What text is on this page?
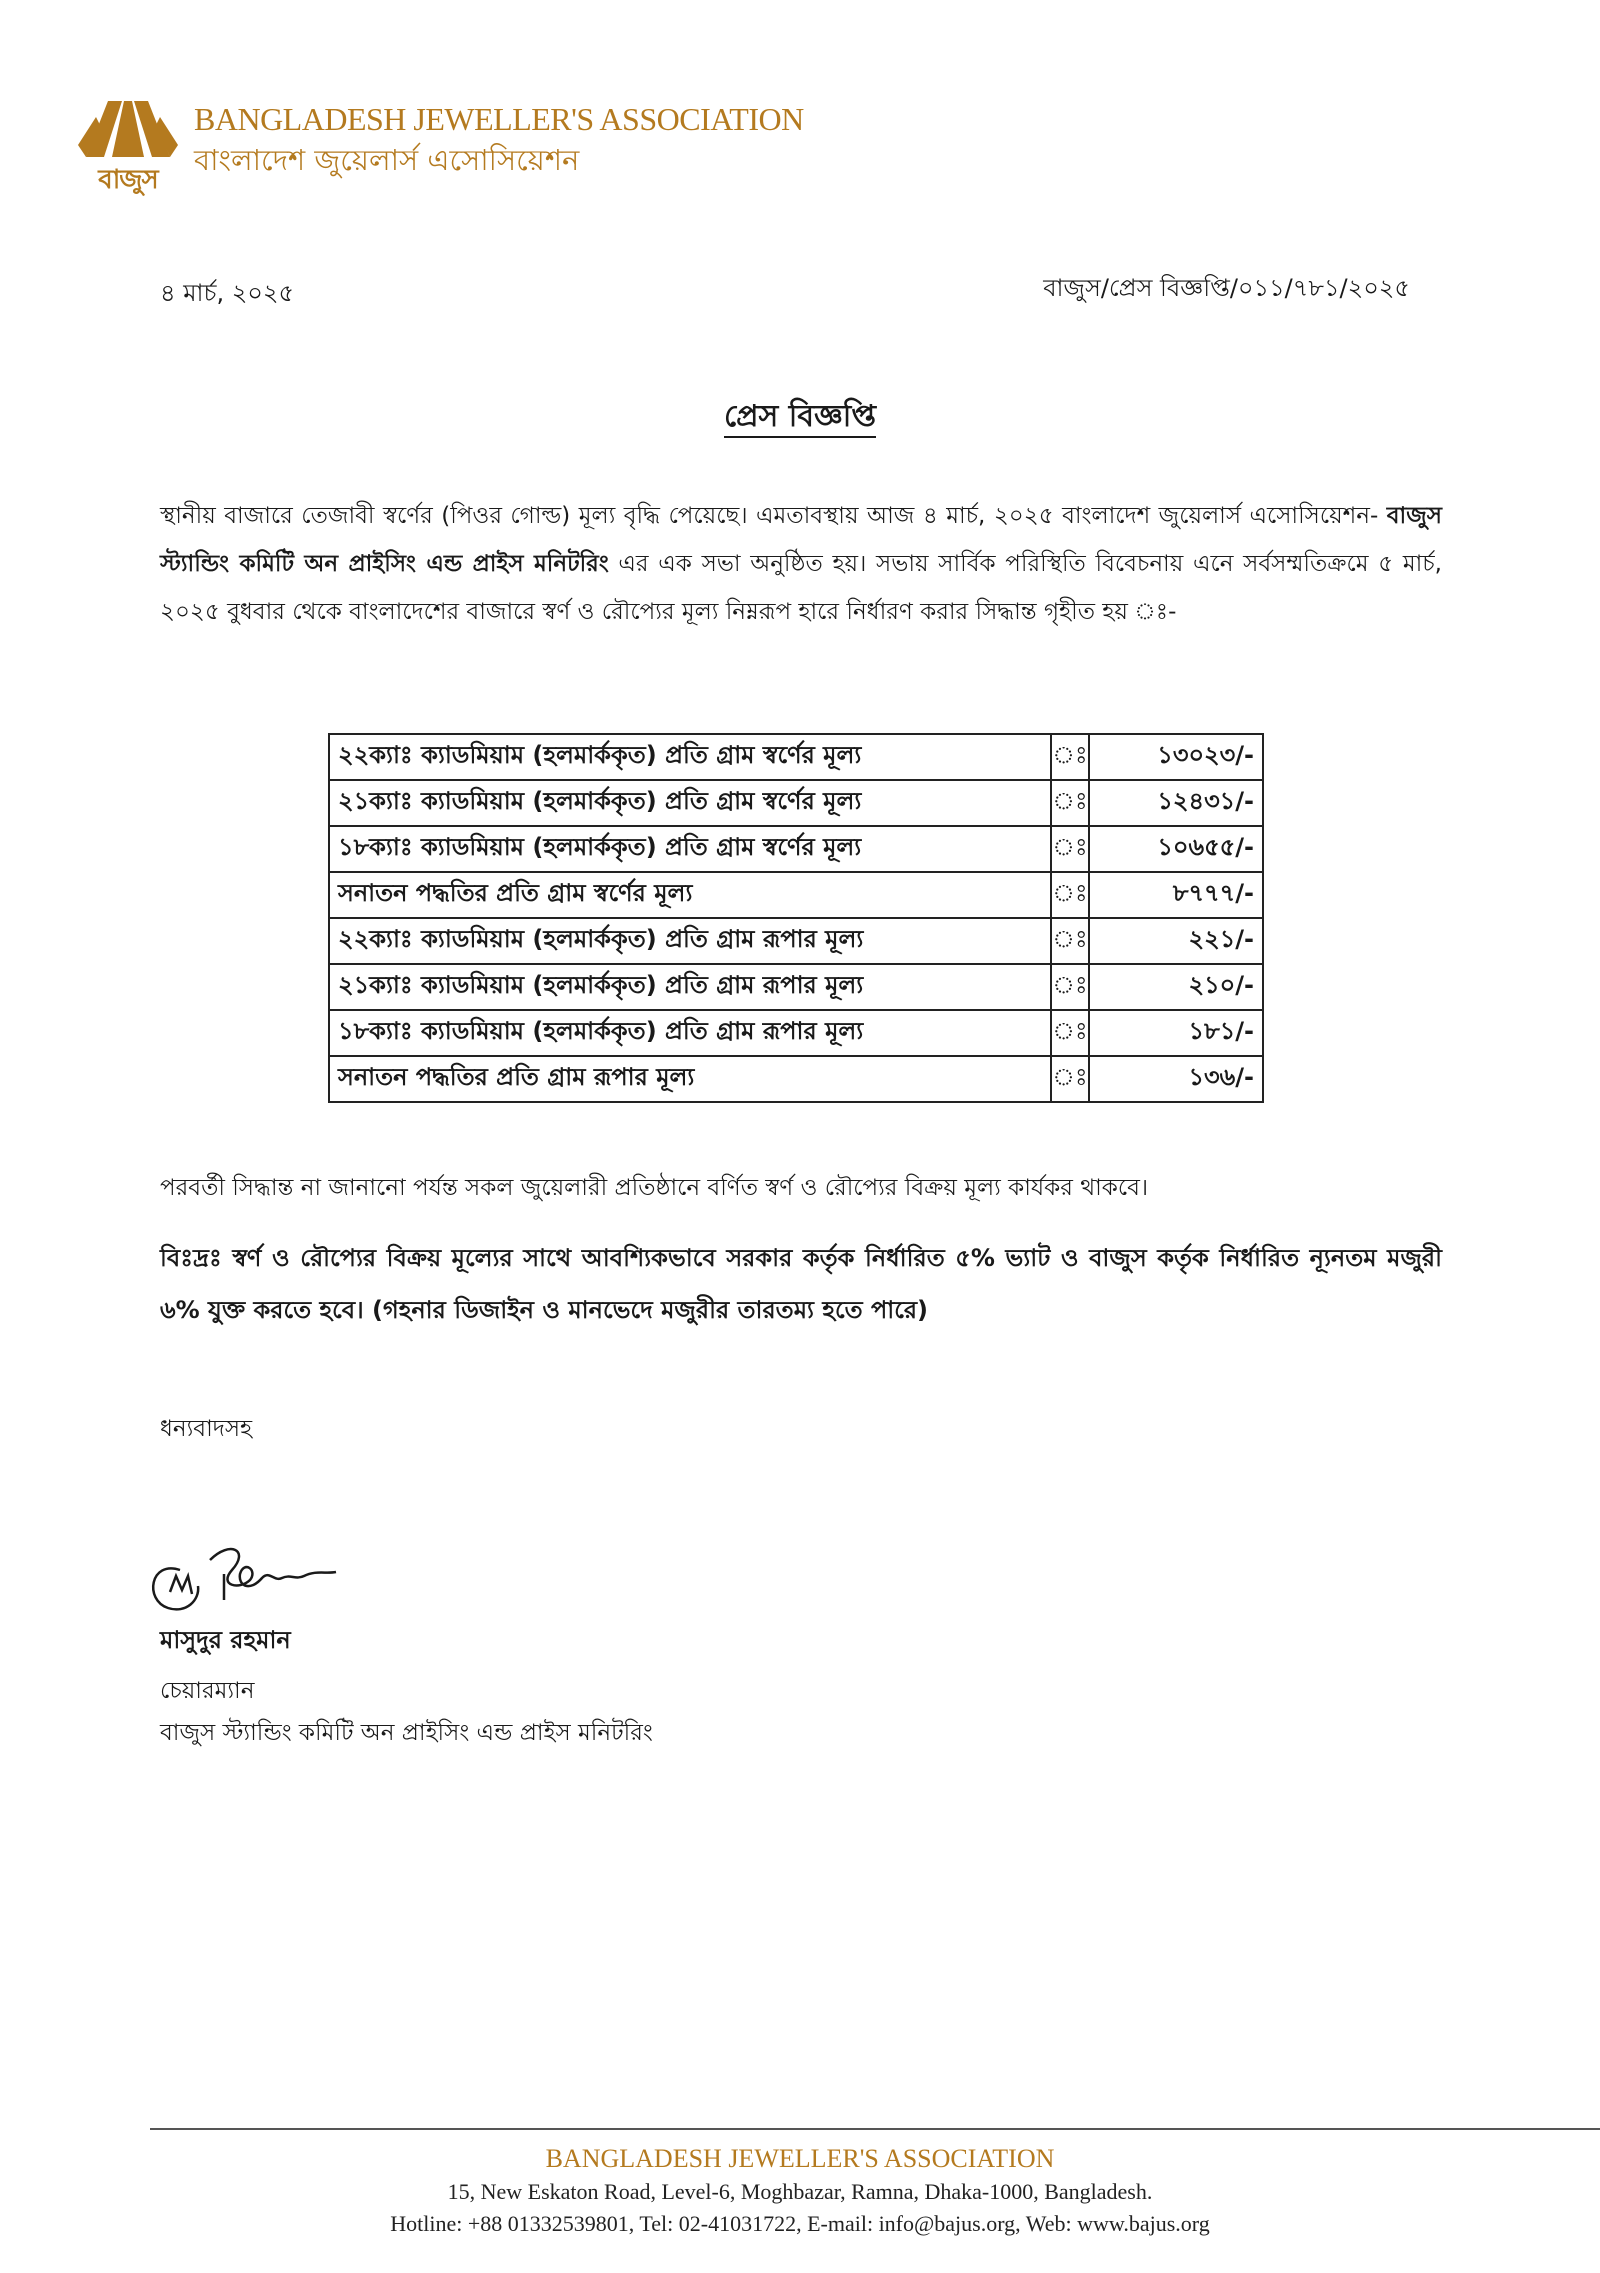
বাজুস
BANGLADESH JEWELLER'S ASSOCIATION
বাংলাদেশ জুয়েলার্স এসোসিয়েশন
৪ মার্চ, ২০২৫	বাজুস/প্রেস বিজ্ঞপ্তি/০১১/৭৮১/২০২৫
প্রেস বিজ্ঞপ্তি
স্থানীয় বাজারে তেজাবী স্বর্ণের (পিওর গোল্ড) মূল্য বৃদ্ধি পেয়েছে। এমতাবস্থায় আজ ৪ মার্চ, ২০২৫ বাংলাদেশ জুয়েলার্স এসোসিয়েশন- বাজুস স্ট্যান্ডিং কমিটি অন প্রাইসিং এন্ড প্রাইস মনিটরিং এর এক সভা অনুষ্ঠিত হয়। সভায় সার্বিক পরিস্থিতি বিবেচনায় এনে সর্বসম্মতিক্রমে ৫ মার্চ, ২০২৫ বুধবার থেকে বাংলাদেশের বাজারে স্বর্ণ ও রৌপ্যের মূল্য নিম্নরূপ হারে নির্ধারণ করার সিদ্ধান্ত গৃহীত হয় ঃ-
২২ক্যাঃ ক্যাডমিয়াম (হলমার্ককৃত) প্রতি গ্রাম স্বর্ণের মূল্য	ঃ	১৩০২৩/-
২১ক্যাঃ ক্যাডমিয়াম (হলমার্ককৃত) প্রতি গ্রাম স্বর্ণের মূল্য	ঃ	১২৪৩১/-
১৮ক্যাঃ ক্যাডমিয়াম (হলমার্ককৃত) প্রতি গ্রাম স্বর্ণের মূল্য	ঃ	১০৬৫৫/-
সনাতন পদ্ধতির প্রতি গ্রাম স্বর্ণের মূল্য	ঃ	৮৭৭৭/-
২২ক্যাঃ ক্যাডমিয়াম (হলমার্ককৃত) প্রতি গ্রাম রূপার মূল্য	ঃ	২২১/-
২১ক্যাঃ ক্যাডমিয়াম (হলমার্ককৃত) প্রতি গ্রাম রূপার মূল্য	ঃ	২১০/-
১৮ক্যাঃ ক্যাডমিয়াম (হলমার্ককৃত) প্রতি গ্রাম রূপার মূল্য	ঃ	১৮১/-
সনাতন পদ্ধতির প্রতি গ্রাম রূপার মূল্য	ঃ	১৩৬/-
পরবর্তী সিদ্ধান্ত না জানানো পর্যন্ত সকল জুয়েলারী প্রতিষ্ঠানে বর্ণিত স্বর্ণ ও রৌপ্যের বিক্রয় মূল্য কার্যকর থাকবে।
বিঃদ্রঃ স্বর্ণ ও রৌপ্যের বিক্রয় মূল্যের সাথে আবশ্যিকভাবে সরকার কর্তৃক নির্ধারিত ৫% ভ্যাট ও বাজুস কর্তৃক নির্ধারিত ন্যূনতম মজুরী ৬% যুক্ত করতে হবে। (গহনার ডিজাইন ও মানভেদে মজুরীর তারতম্য হতে পারে)
ধন্যবাদসহ
মাসুদুর রহমান
চেয়ারম্যান
বাজুস স্ট্যান্ডিং কমিটি অন প্রাইসিং এন্ড প্রাইস মনিটরিং
BANGLADESH JEWELLER'S ASSOCIATION
15, New Eskaton Road, Level-6, Moghbazar, Ramna, Dhaka-1000, Bangladesh.
Hotline: +88 01332539801, Tel: 02-41031722, E-mail: info@bajus.org, Web: www.bajus.org
